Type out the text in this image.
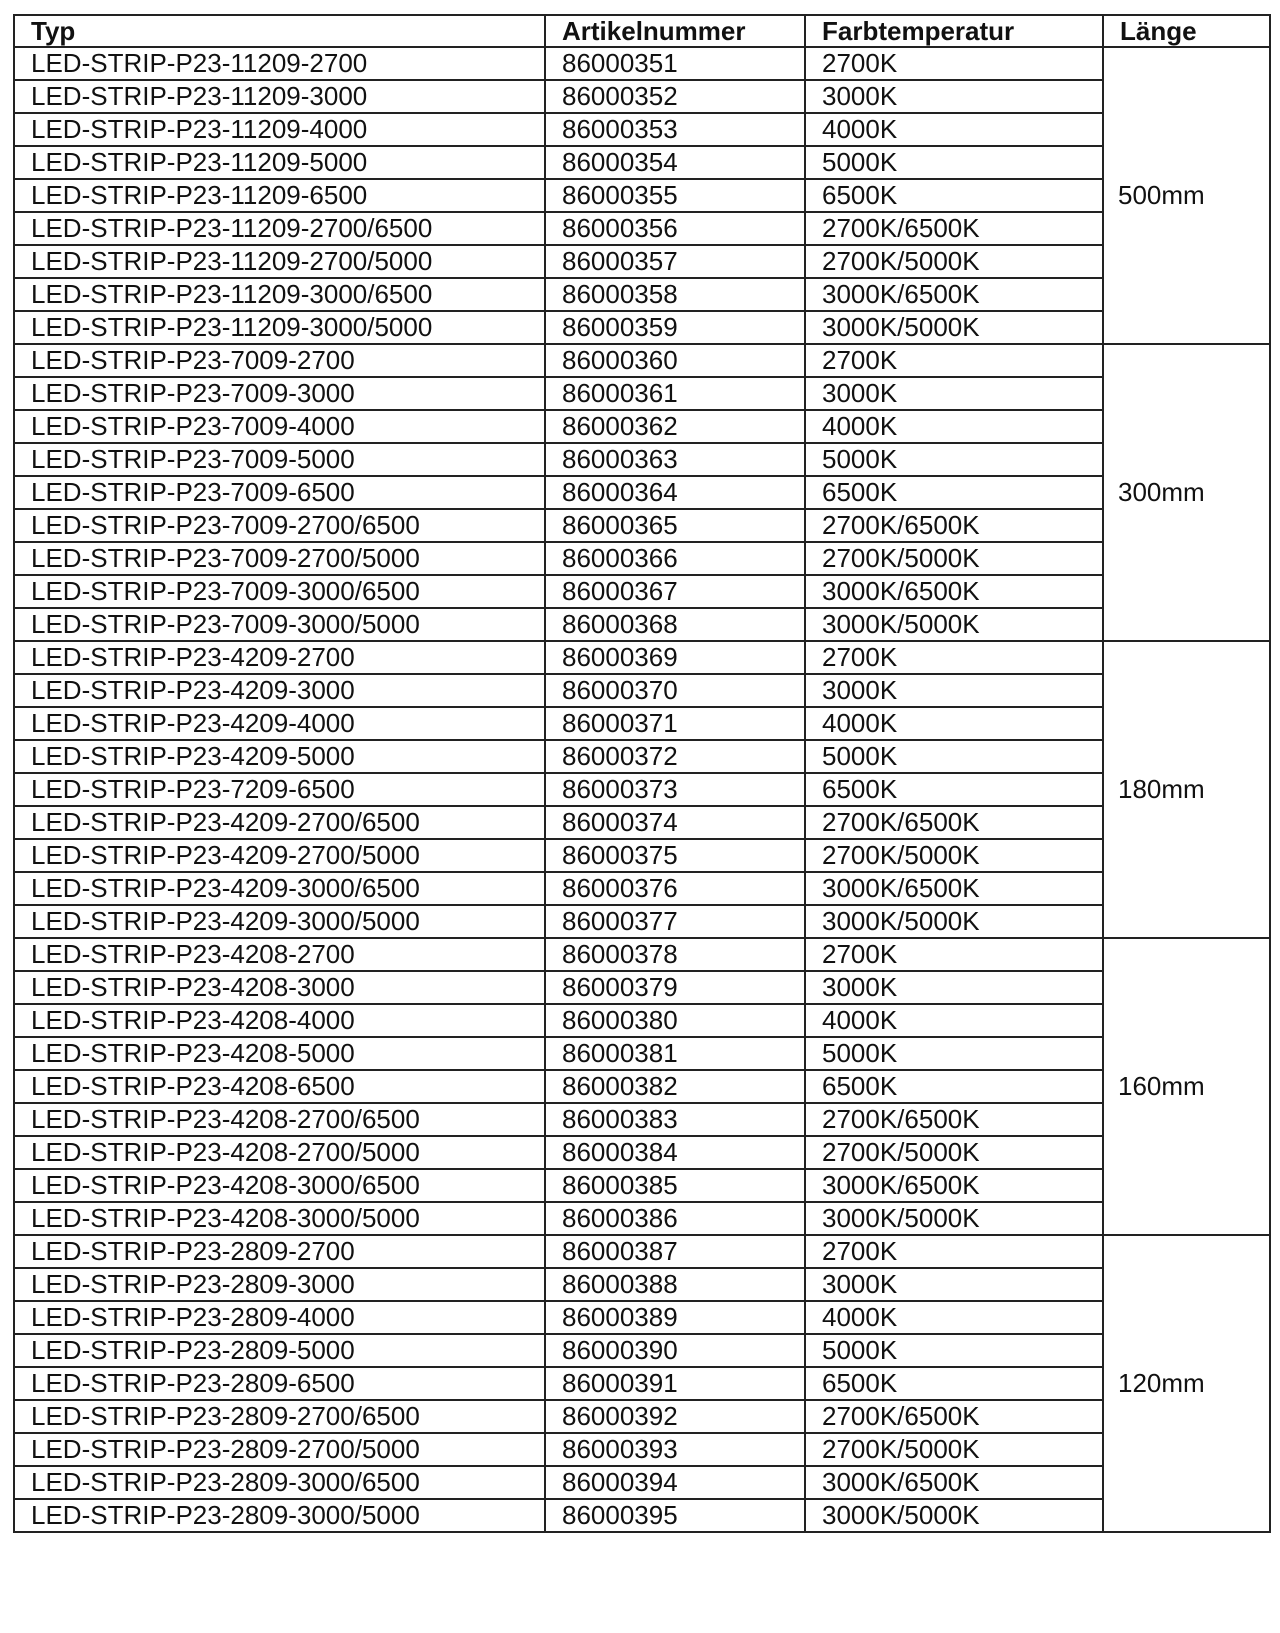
Typ	Artikelnummer	Farbtemperatur	Länge
LED-STRIP-P23-11209-2700	86000351	2700K	500mm
LED-STRIP-P23-11209-3000	86000352	3000K	
LED-STRIP-P23-11209-4000	86000353	4000K	
LED-STRIP-P23-11209-5000	86000354	5000K	
LED-STRIP-P23-11209-6500	86000355	6500K	
LED-STRIP-P23-11209-2700/6500	86000356	2700K/6500K	
LED-STRIP-P23-11209-2700/5000	86000357	2700K/5000K	
LED-STRIP-P23-11209-3000/6500	86000358	3000K/6500K	
LED-STRIP-P23-11209-3000/5000	86000359	3000K/5000K	
LED-STRIP-P23-7009-2700	86000360	2700K	300mm
LED-STRIP-P23-7009-3000	86000361	3000K	
LED-STRIP-P23-7009-4000	86000362	4000K	
LED-STRIP-P23-7009-5000	86000363	5000K	
LED-STRIP-P23-7009-6500	86000364	6500K	
LED-STRIP-P23-7009-2700/6500	86000365	2700K/6500K	
LED-STRIP-P23-7009-2700/5000	86000366	2700K/5000K	
LED-STRIP-P23-7009-3000/6500	86000367	3000K/6500K	
LED-STRIP-P23-7009-3000/5000	86000368	3000K/5000K	
LED-STRIP-P23-4209-2700	86000369	2700K	180mm
LED-STRIP-P23-4209-3000	86000370	3000K	
LED-STRIP-P23-4209-4000	86000371	4000K	
LED-STRIP-P23-4209-5000	86000372	5000K	
LED-STRIP-P23-7209-6500	86000373	6500K	
LED-STRIP-P23-4209-2700/6500	86000374	2700K/6500K	
LED-STRIP-P23-4209-2700/5000	86000375	2700K/5000K	
LED-STRIP-P23-4209-3000/6500	86000376	3000K/6500K	
LED-STRIP-P23-4209-3000/5000	86000377	3000K/5000K	
LED-STRIP-P23-4208-2700	86000378	2700K	160mm
LED-STRIP-P23-4208-3000	86000379	3000K	
LED-STRIP-P23-4208-4000	86000380	4000K	
LED-STRIP-P23-4208-5000	86000381	5000K	
LED-STRIP-P23-4208-6500	86000382	6500K	
LED-STRIP-P23-4208-2700/6500	86000383	2700K/6500K	
LED-STRIP-P23-4208-2700/5000	86000384	2700K/5000K	
LED-STRIP-P23-4208-3000/6500	86000385	3000K/6500K	
LED-STRIP-P23-4208-3000/5000	86000386	3000K/5000K	
LED-STRIP-P23-2809-2700	86000387	2700K	120mm
LED-STRIP-P23-2809-3000	86000388	3000K	
LED-STRIP-P23-2809-4000	86000389	4000K	
LED-STRIP-P23-2809-5000	86000390	5000K	
LED-STRIP-P23-2809-6500	86000391	6500K	
LED-STRIP-P23-2809-2700/6500	86000392	2700K/6500K	
LED-STRIP-P23-2809-2700/5000	86000393	2700K/5000K	
LED-STRIP-P23-2809-3000/6500	86000394	3000K/6500K	
LED-STRIP-P23-2809-3000/5000	86000395	3000K/5000K	
